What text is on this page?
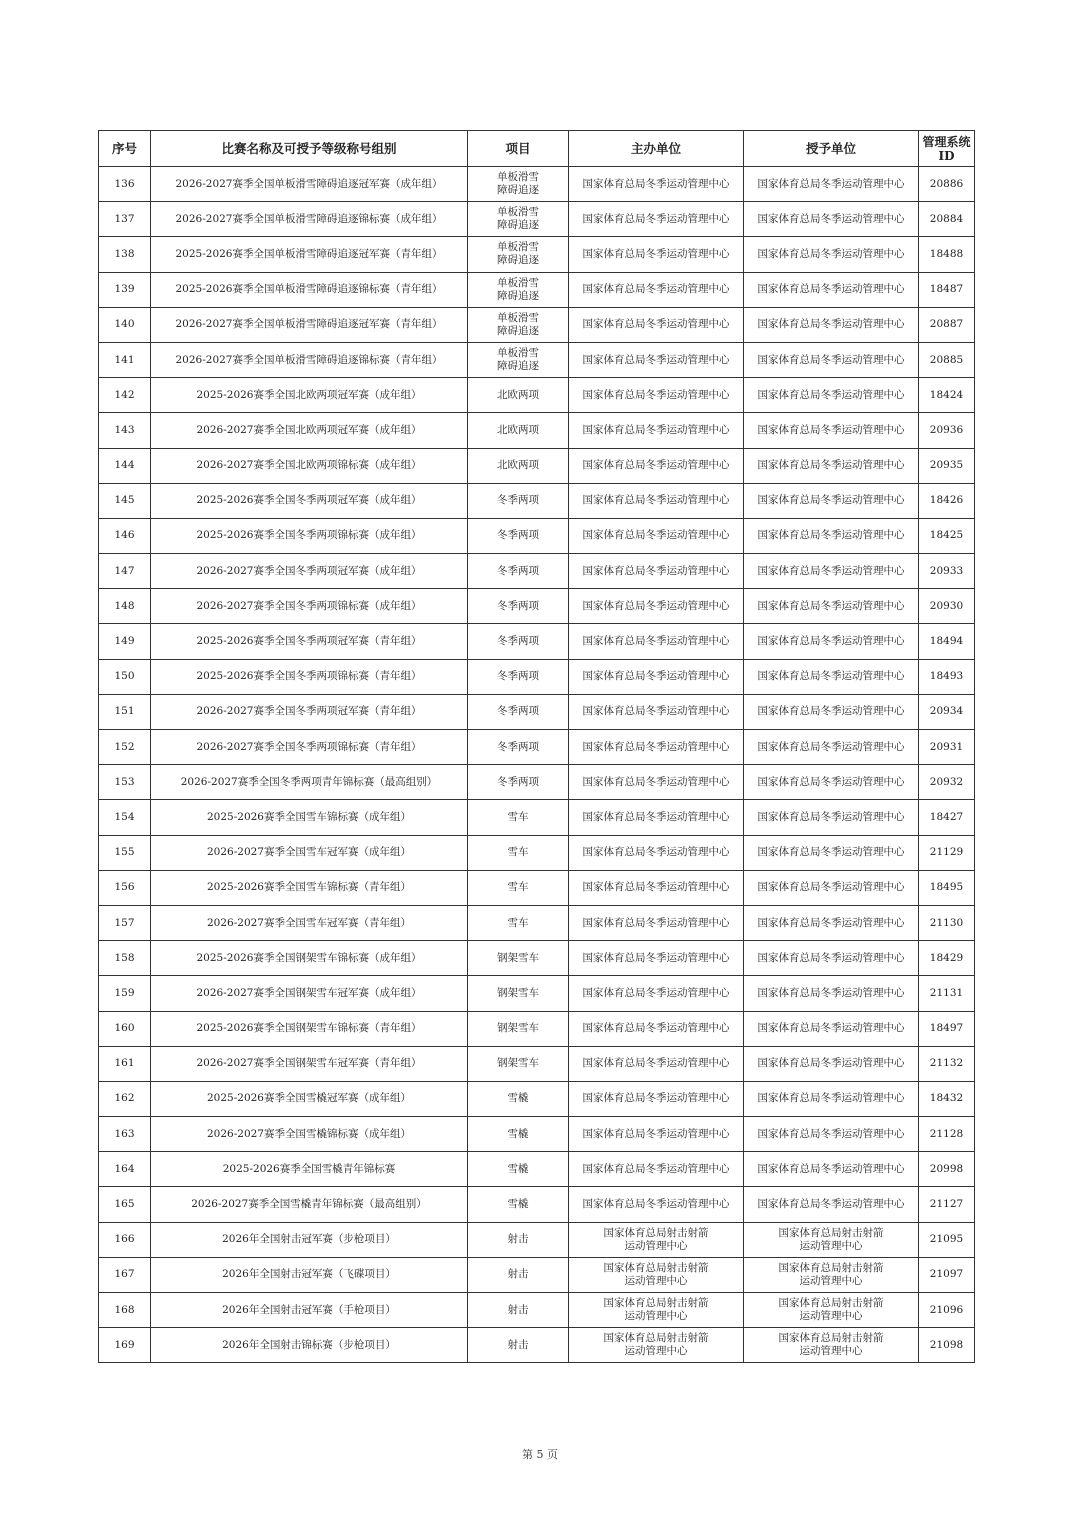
序号	比赛名称及可授予等级称号组别	项目	主办单位	授予单位	管理系统
ID
136	2026-2027赛季全国单板滑雪障碍追逐冠军赛（成年组）	单板滑雪
障碍追逐	国家体育总局冬季运动管理中心	国家体育总局冬季运动管理中心	20886
137	2026-2027赛季全国单板滑雪障碍追逐锦标赛（成年组）	单板滑雪
障碍追逐	国家体育总局冬季运动管理中心	国家体育总局冬季运动管理中心	20884
138	2025-2026赛季全国单板滑雪障碍追逐冠军赛（青年组）	单板滑雪
障碍追逐	国家体育总局冬季运动管理中心	国家体育总局冬季运动管理中心	18488
139	2025-2026赛季全国单板滑雪障碍追逐锦标赛（青年组）	单板滑雪
障碍追逐	国家体育总局冬季运动管理中心	国家体育总局冬季运动管理中心	18487
140	2026-2027赛季全国单板滑雪障碍追逐冠军赛（青年组）	单板滑雪
障碍追逐	国家体育总局冬季运动管理中心	国家体育总局冬季运动管理中心	20887
141	2026-2027赛季全国单板滑雪障碍追逐锦标赛（青年组）	单板滑雪
障碍追逐	国家体育总局冬季运动管理中心	国家体育总局冬季运动管理中心	20885
142	2025-2026赛季全国北欧两项冠军赛（成年组）	北欧两项	国家体育总局冬季运动管理中心	国家体育总局冬季运动管理中心	18424
143	2026-2027赛季全国北欧两项冠军赛（成年组）	北欧两项	国家体育总局冬季运动管理中心	国家体育总局冬季运动管理中心	20936
144	2026-2027赛季全国北欧两项锦标赛（成年组）	北欧两项	国家体育总局冬季运动管理中心	国家体育总局冬季运动管理中心	20935
145	2025-2026赛季全国冬季两项冠军赛（成年组）	冬季两项	国家体育总局冬季运动管理中心	国家体育总局冬季运动管理中心	18426
146	2025-2026赛季全国冬季两项锦标赛（成年组）	冬季两项	国家体育总局冬季运动管理中心	国家体育总局冬季运动管理中心	18425
147	2026-2027赛季全国冬季两项冠军赛（成年组）	冬季两项	国家体育总局冬季运动管理中心	国家体育总局冬季运动管理中心	20933
148	2026-2027赛季全国冬季两项锦标赛（成年组）	冬季两项	国家体育总局冬季运动管理中心	国家体育总局冬季运动管理中心	20930
149	2025-2026赛季全国冬季两项冠军赛（青年组）	冬季两项	国家体育总局冬季运动管理中心	国家体育总局冬季运动管理中心	18494
150	2025-2026赛季全国冬季两项锦标赛（青年组）	冬季两项	国家体育总局冬季运动管理中心	国家体育总局冬季运动管理中心	18493
151	2026-2027赛季全国冬季两项冠军赛（青年组）	冬季两项	国家体育总局冬季运动管理中心	国家体育总局冬季运动管理中心	20934
152	2026-2027赛季全国冬季两项锦标赛（青年组）	冬季两项	国家体育总局冬季运动管理中心	国家体育总局冬季运动管理中心	20931
153	2026-2027赛季全国冬季两项青年锦标赛（最高组别）	冬季两项	国家体育总局冬季运动管理中心	国家体育总局冬季运动管理中心	20932
154	2025-2026赛季全国雪车锦标赛（成年组）	雪车	国家体育总局冬季运动管理中心	国家体育总局冬季运动管理中心	18427
155	2026-2027赛季全国雪车冠军赛（成年组）	雪车	国家体育总局冬季运动管理中心	国家体育总局冬季运动管理中心	21129
156	2025-2026赛季全国雪车锦标赛（青年组）	雪车	国家体育总局冬季运动管理中心	国家体育总局冬季运动管理中心	18495
157	2026-2027赛季全国雪车冠军赛（青年组）	雪车	国家体育总局冬季运动管理中心	国家体育总局冬季运动管理中心	21130
158	2025-2026赛季全国钢架雪车锦标赛（成年组）	钢架雪车	国家体育总局冬季运动管理中心	国家体育总局冬季运动管理中心	18429
159	2026-2027赛季全国钢架雪车冠军赛（成年组）	钢架雪车	国家体育总局冬季运动管理中心	国家体育总局冬季运动管理中心	21131
160	2025-2026赛季全国钢架雪车锦标赛（青年组）	钢架雪车	国家体育总局冬季运动管理中心	国家体育总局冬季运动管理中心	18497
161	2026-2027赛季全国钢架雪车冠军赛（青年组）	钢架雪车	国家体育总局冬季运动管理中心	国家体育总局冬季运动管理中心	21132
162	2025-2026赛季全国雪橇冠军赛（成年组）	雪橇	国家体育总局冬季运动管理中心	国家体育总局冬季运动管理中心	18432
163	2026-2027赛季全国雪橇锦标赛（成年组）	雪橇	国家体育总局冬季运动管理中心	国家体育总局冬季运动管理中心	21128
164	2025-2026赛季全国雪橇青年锦标赛	雪橇	国家体育总局冬季运动管理中心	国家体育总局冬季运动管理中心	20998
165	2026-2027赛季全国雪橇青年锦标赛（最高组别）	雪橇	国家体育总局冬季运动管理中心	国家体育总局冬季运动管理中心	21127
166	2026年全国射击冠军赛（步枪项目）	射击	国家体育总局射击射箭
运动管理中心	国家体育总局射击射箭
运动管理中心	21095
167	2026年全国射击冠军赛（飞碟项目）	射击	国家体育总局射击射箭
运动管理中心	国家体育总局射击射箭
运动管理中心	21097
168	2026年全国射击冠军赛（手枪项目）	射击	国家体育总局射击射箭
运动管理中心	国家体育总局射击射箭
运动管理中心	21096
169	2026年全国射击锦标赛（步枪项目）	射击	国家体育总局射击射箭
运动管理中心	国家体育总局射击射箭
运动管理中心	21098
第 5 页
